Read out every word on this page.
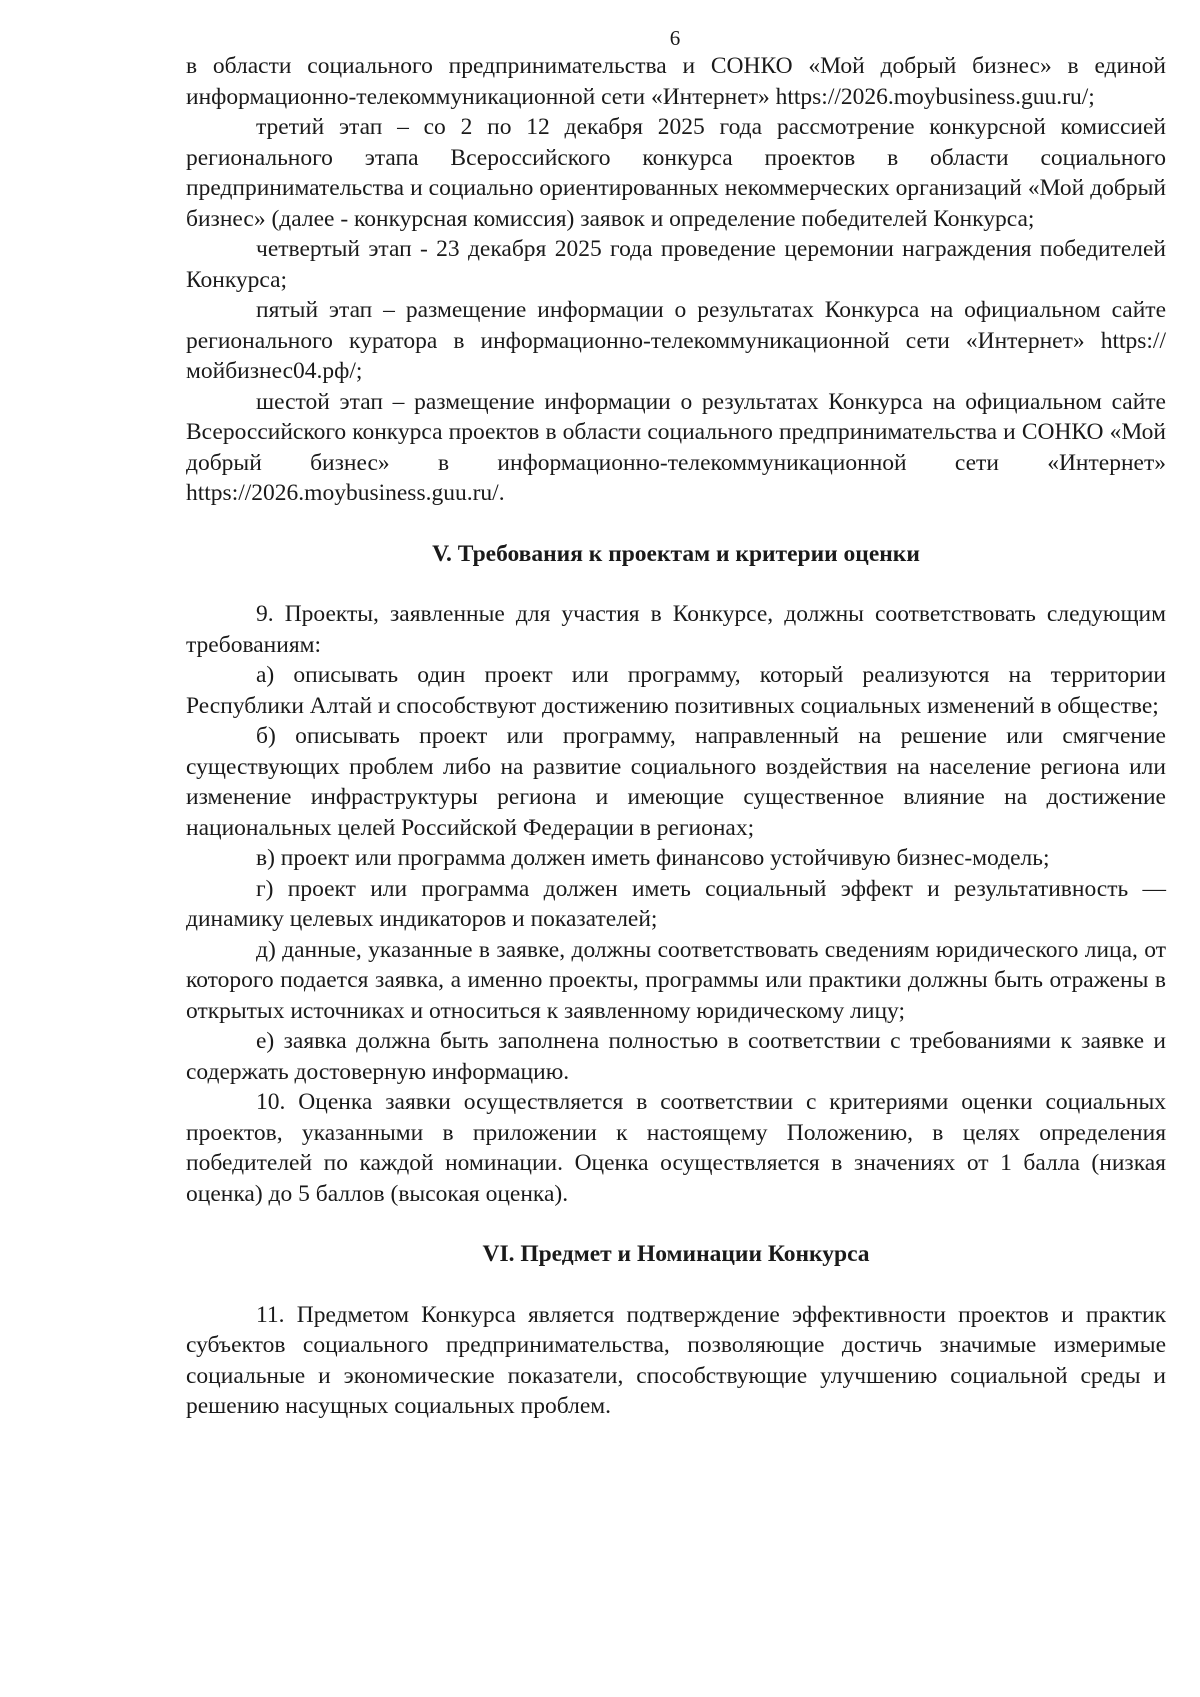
6

в области социального предпринимательства и СОНКО «Мой добрый бизнес» в единой информационно-телекоммуникационной сети «Интернет» https://2026.moybusiness.guu.ru/;

третий этап – со 2 по 12 декабря 2025 года рассмотрение конкурсной комиссией регионального этапа Всероссийского конкурса проектов в области социального предпринимательства и социально ориентированных некоммерческих организаций «Мой добрый бизнес» (далее - конкурсная комиссия) заявок и определение победителей Конкурса;

четвертый этап - 23 декабря 2025 года проведение церемонии награждения победителей Конкурса;

пятый этап – размещение информации о результатах Конкурса на официальном сайте регионального куратора в информационно-телекоммуникационной сети «Интернет» https://мойбизнес04.рф/;

шестой этап – размещение информации о результатах Конкурса на официальном сайте Всероссийского конкурса проектов в области социального предпринимательства и СОНКО «Мой добрый бизнес» в информационно-телекоммуникационной сети «Интернет» https://2026.moybusiness.guu.ru/.

V. Требования к проектам и критерии оценки

9. Проекты, заявленные для участия в Конкурсе, должны соответствовать следующим требованиям:

а) описывать один проект или программу, который реализуются на территории Республики Алтай и способствуют достижению позитивных социальных изменений в обществе;

б) описывать проект или программу, направленный на решение или смягчение существующих проблем либо на развитие социального воздействия на население региона или изменение инфраструктуры региона и имеющие существенное влияние на достижение национальных целей Российской Федерации в регионах;

в) проект или программа должен иметь финансово устойчивую бизнес-модель;

г) проект или программа должен иметь социальный эффект и результативность — динамику целевых индикаторов и показателей;

д) данные, указанные в заявке, должны соответствовать сведениям юридического лица, от которого подается заявка, а именно проекты, программы или практики должны быть отражены в открытых источниках и относиться к заявленному юридическому лицу;

е) заявка должна быть заполнена полностью в соответствии с требованиями к заявке и содержать достоверную информацию.

10. Оценка заявки осуществляется в соответствии с критериями оценки социальных проектов, указанными в приложении к настоящему Положению, в целях определения победителей по каждой номинации. Оценка осуществляется в значениях от 1 балла (низкая оценка) до 5 баллов (высокая оценка).

VI. Предмет и Номинации Конкурса

11. Предметом Конкурса является подтверждение эффективности проектов и практик субъектов социального предпринимательства, позволяющие достичь значимые измеримые социальные и экономические показатели, способствующие улучшению социальной среды и решению насущных социальных проблем.
